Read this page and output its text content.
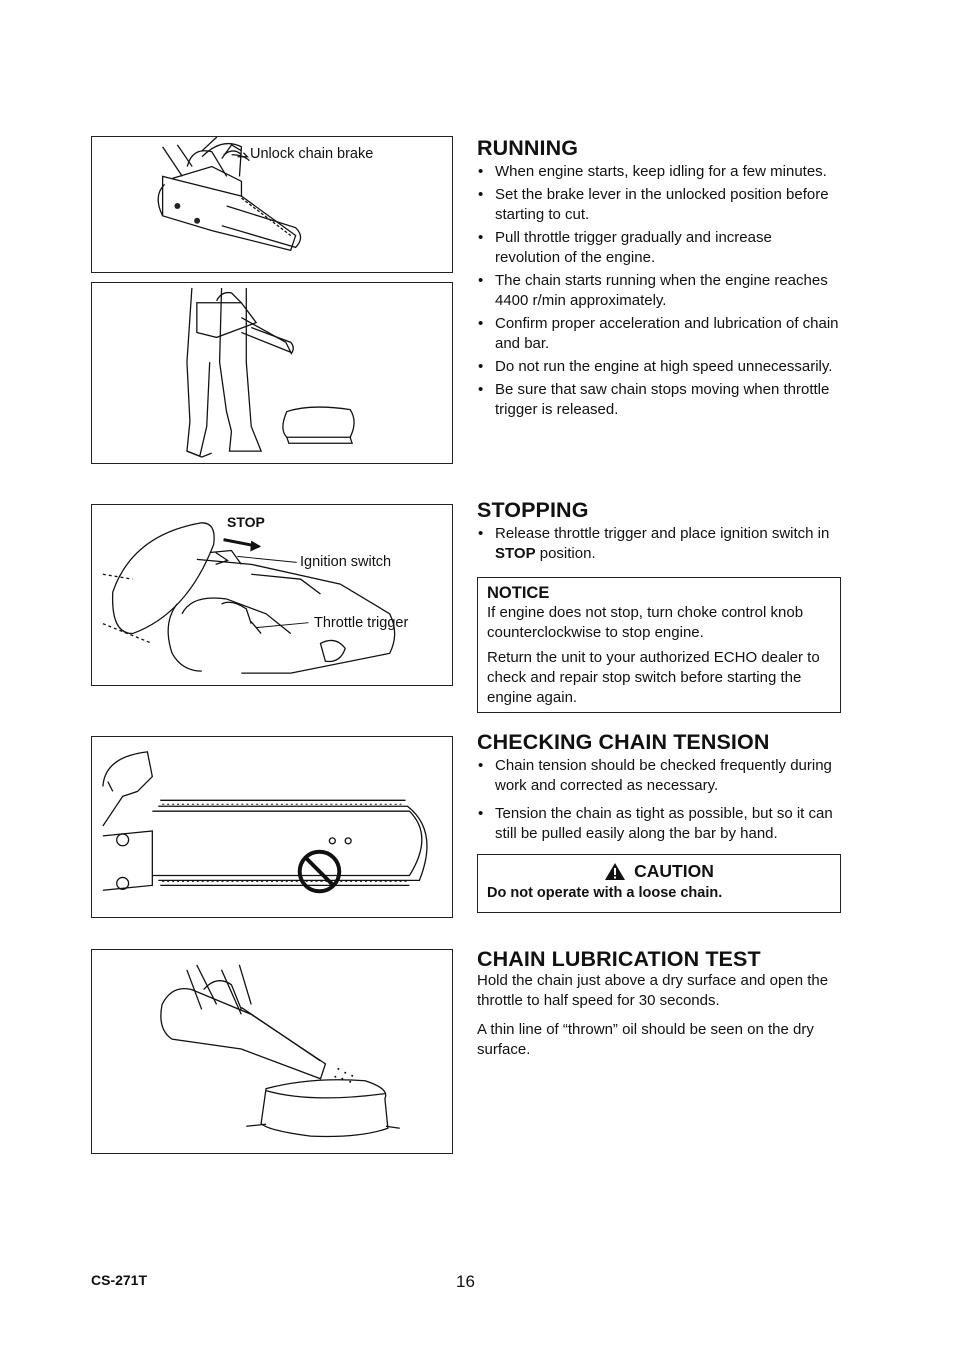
Unlock chain brake
STOP
Ignition switch
Throttle trigger
RUNNING
• When engine starts, keep idling for a few minutes.
• Set the brake lever in the unlocked position before starting to cut.
• Pull throttle trigger gradually and increase revolution of the engine.
• The chain starts running when the engine reaches 4400 r/min approximately.
• Confirm proper acceleration and lubrication of chain and bar.
• Do not run the engine at high speed unnecessarily.
• Be sure that saw chain stops moving when throttle trigger is released.
STOPPING
• Release throttle trigger and place ignition switch in STOP position.
NOTICE

If engine does not stop, turn choke control knob counterclockwise to stop engine.

Return the unit to your authorized ECHO dealer to check and repair stop switch before starting the engine again.

CHECKING CHAIN TENSION
• Chain tension should be checked frequently during work and corrected as necessary.
• Tension the chain as tight as possible, but so it can still be pulled easily along the bar by hand.
CAUTION
Do not operate with a loose chain.
CHAIN LUBRICATION TEST

Hold the chain just above a dry surface and open the throttle to half speed for 30 seconds.

A thin line of “thrown” oil should be seen on the dry surface.

CS-271T	16
